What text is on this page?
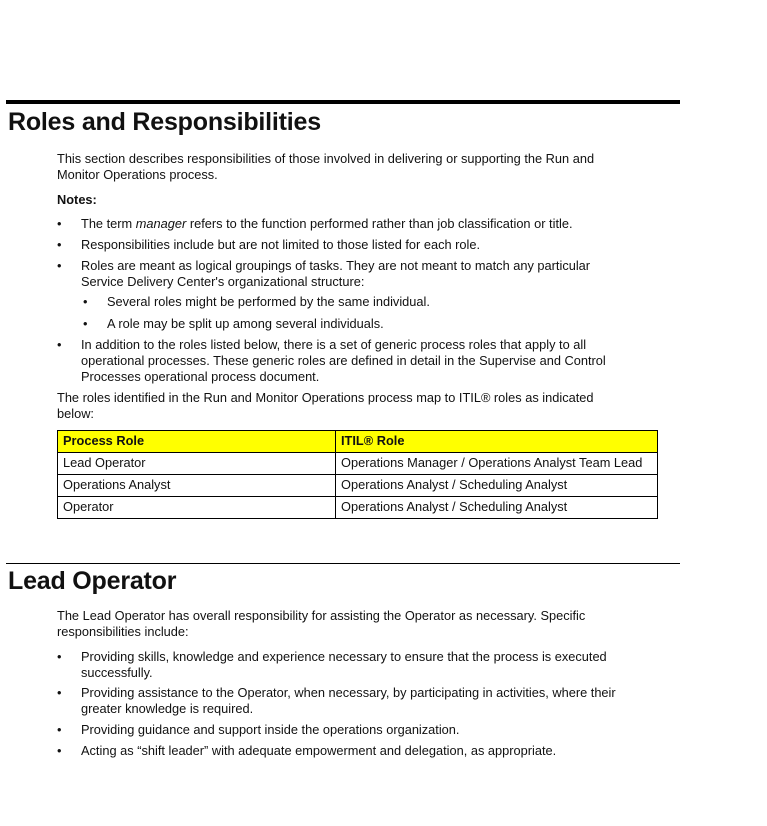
Roles and Responsibilities

This section describes responsibilities of those involved in delivering or supporting the Run and
Monitor Operations process.

Notes:

• The term manager refers to the function performed rather than job classification or title.
• Responsibilities include but are not limited to those listed for each role.
• Roles are meant as logical groupings of tasks. They are not meant to match any particular
Service Delivery Center's organizational structure:
• Several roles might be performed by the same individual.
• A role may be split up among several individuals.
• In addition to the roles listed below, there is a set of generic process roles that apply to all
operational processes. These generic roles are defined in detail in the Supervise and Control
Processes operational process document.

The roles identified in the Run and Monitor Operations process map to ITIL® roles as indicated
below:

Process Role	ITIL® Role
Lead Operator	Operations Manager / Operations Analyst Team Lead
Operations Analyst	Operations Analyst / Scheduling Analyst
Operator	Operations Analyst / Scheduling Analyst
Lead Operator

The Lead Operator has overall responsibility for assisting the Operator as necessary. Specific
responsibilities include:

• Providing skills, knowledge and experience necessary to ensure that the process is executed
successfully.
• Providing assistance to the Operator, when necessary, by participating in activities, where their
greater knowledge is required.
• Providing guidance and support inside the operations organization.
• Acting as “shift leader” with adequate empowerment and delegation, as appropriate.
